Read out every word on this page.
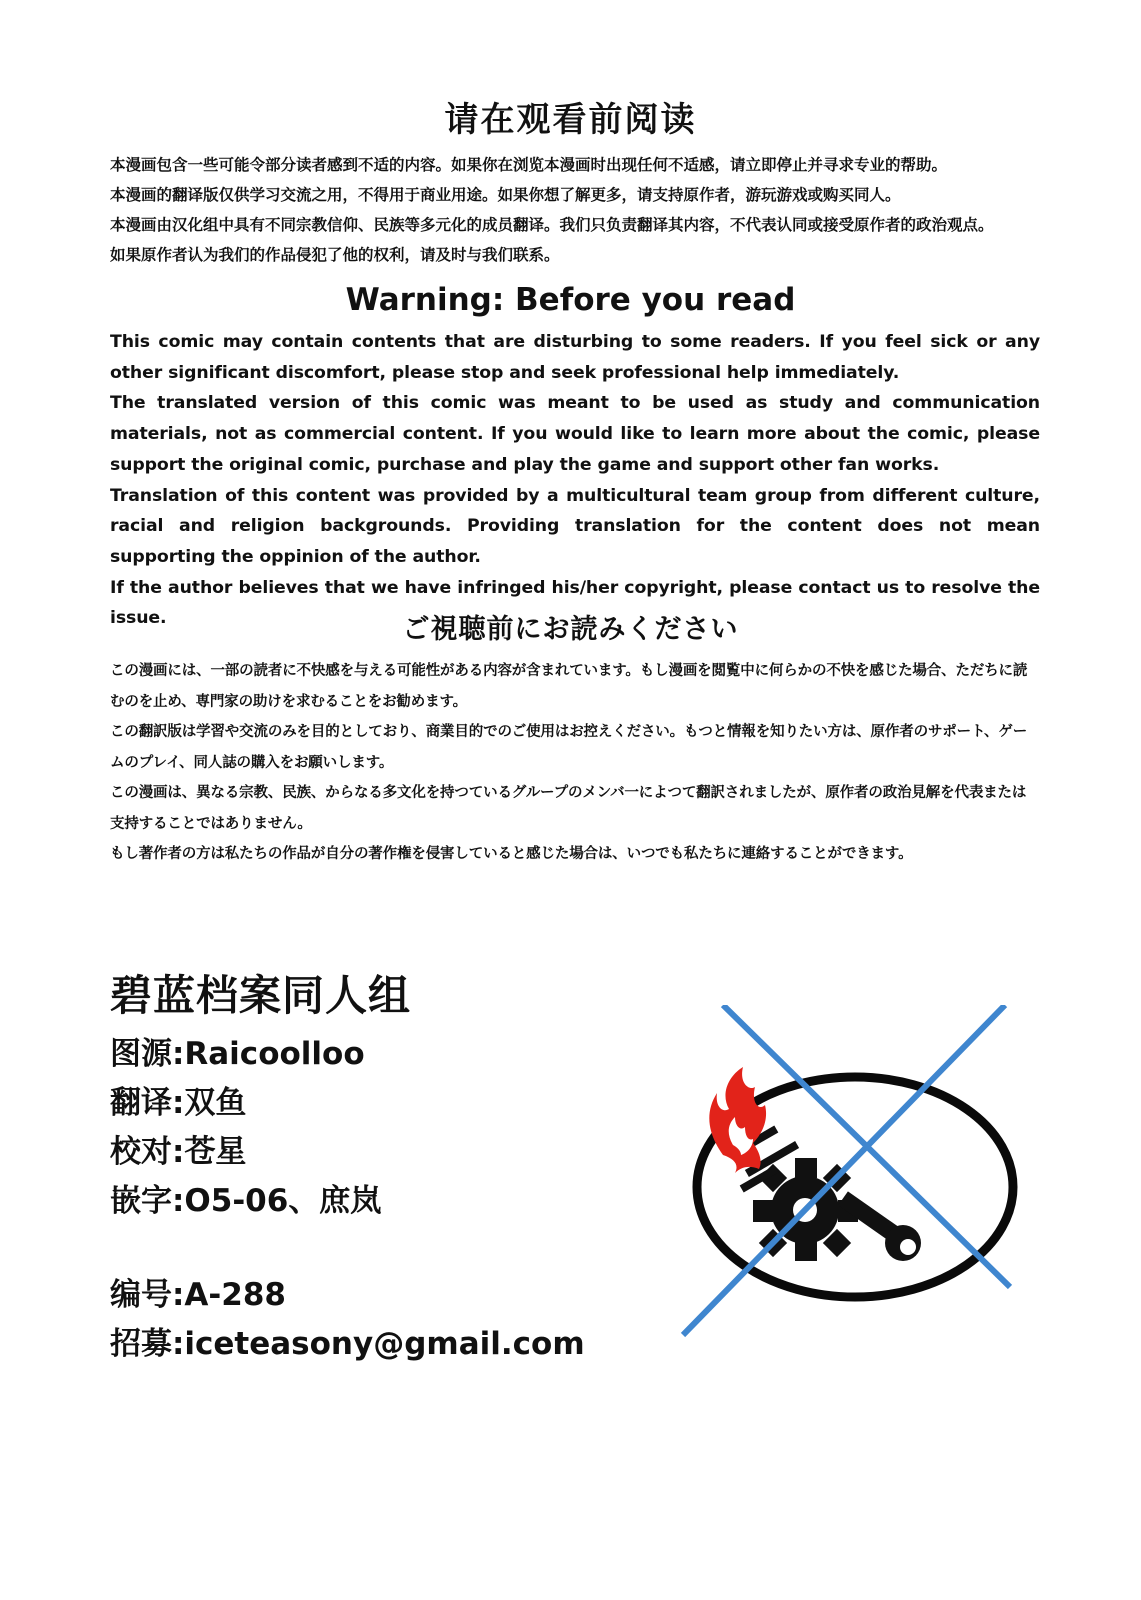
请在观看前阅读

本漫画包含一些可能令部分读者感到不适的内容。如果你在浏览本漫画时出现任何不适感，请立即停止并寻求专业的帮助。

本漫画的翻译版仅供学习交流之用，不得用于商业用途。如果你想了解更多，请支持原作者，游玩游戏或购买同人。

本漫画由汉化组中具有不同宗教信仰、民族等多元化的成员翻译。我们只负责翻译其内容，不代表认同或接受原作者的政治观点。

如果原作者认为我们的作品侵犯了他的权利，请及时与我们联系。

Warning: Before you read

This comic may contain contents that are disturbing to some readers. If you feel sick or any other significant discomfort, please stop and seek professional help immediately.

The translated version of this comic was meant to be used as study and communication materials, not as commercial content. If you would like to learn more about the comic, please support the original comic, purchase and play the game and support other fan works.

Translation of this content was provided by a multicultural team group from different culture, racial and religion backgrounds. Providing translation for the content does not mean supporting the oppinion of the author.

If the author believes that we have infringed his/her copyright, please contact us to resolve the issue.	ご視聴前にお読みください

この漫画には、一部の読者に不快感を与える可能性がある内容が含まれています。もし漫画を閲覧中に何らかの不快を感じた場合、ただちに読むのを止め、専門家の助けを求むることをお勧めます。

この翻訳版は学習や交流のみを目的としており、商業目的でのご使用はお控えください。もつと情報を知りたい方は、原作者のサポート、ゲームのプレイ、同人誌の購入をお願いします。

この漫画は、異なる宗教、民族、からなる多文化を持つているグループのメンバ一によつて翻訳されましたが、原作者の政治見解を代表または支持することではありません。

もし著作者の方は私たちの作品が自分の著作権を侵害していると感じた場合は、いつでも私たちに連絡することができます。

碧蓝档案同人组
图源:Raicoolloo
翻译:双鱼
校对:苍星
嵌字:O5-06、庶岚
编号:A-288
招募:iceteasony@gmail.com
